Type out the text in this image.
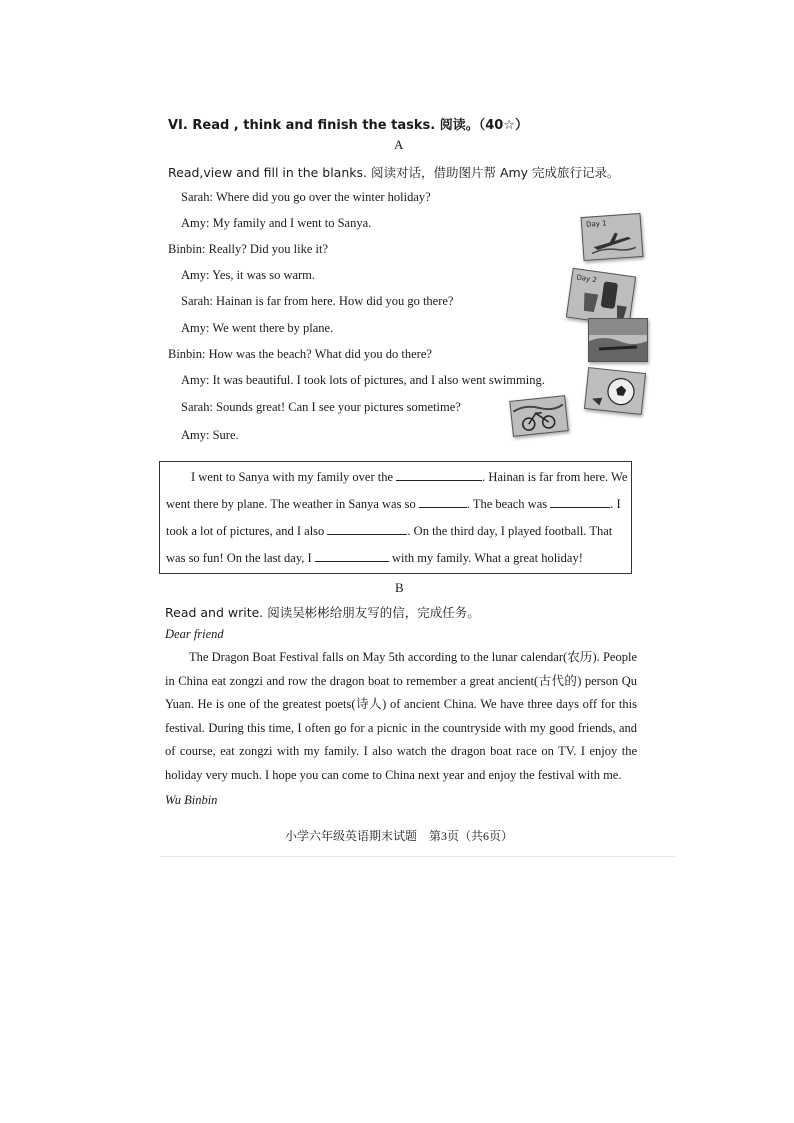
VI. Read , think and finish the tasks. 阅读。（40☆）
A
Read,view and fill in the blanks. 阅读对话，借助图片帮 Amy 完成旅行记录。
Sarah: Where did you go over the winter holiday?
Amy: My family and I went to Sanya.
Binbin: Really? Did you like it?
Amy: Yes, it was so warm.
Sarah: Hainan is far from here. How did you go there?
Amy: We went there by plane.
Binbin: How was the beach? What did you do there?
Amy: It was beautiful. I took lots of pictures, and I also went swimming.
Sarah: Sounds great! Can I see your pictures sometime?
Amy: Sure.
Day 1
Day 2
I went to Sanya with my family over the	. Hainan is far from here. We
went there by plane. The weather in Sanya was so	. The beach was	. I
took a lot of pictures, and I also	. On the third day, I played football. That
was so fun! On the last day, I	with my family. What a great holiday!
B
Read and write. 阅读吴彬彬给朋友写的信，完成任务。
Dear friend

The Dragon Boat Festival falls on May 5th according to the lunar calendar(农历). People in China eat zongzi and row the dragon boat to remember a great ancient(古代的) person Qu Yuan. He is one of the greatest poets(诗人) of ancient China. We have three days off for this festival. During this time, I often go for a picnic in the countryside with my good friends, and of course, eat zongzi with my family. I also watch the dragon boat race on TV. I enjoy the holiday very much. I hope you can come to China next year and enjoy the festival with me.

Wu Binbin
小学六年级英语期末试题　第3页（共6页）
